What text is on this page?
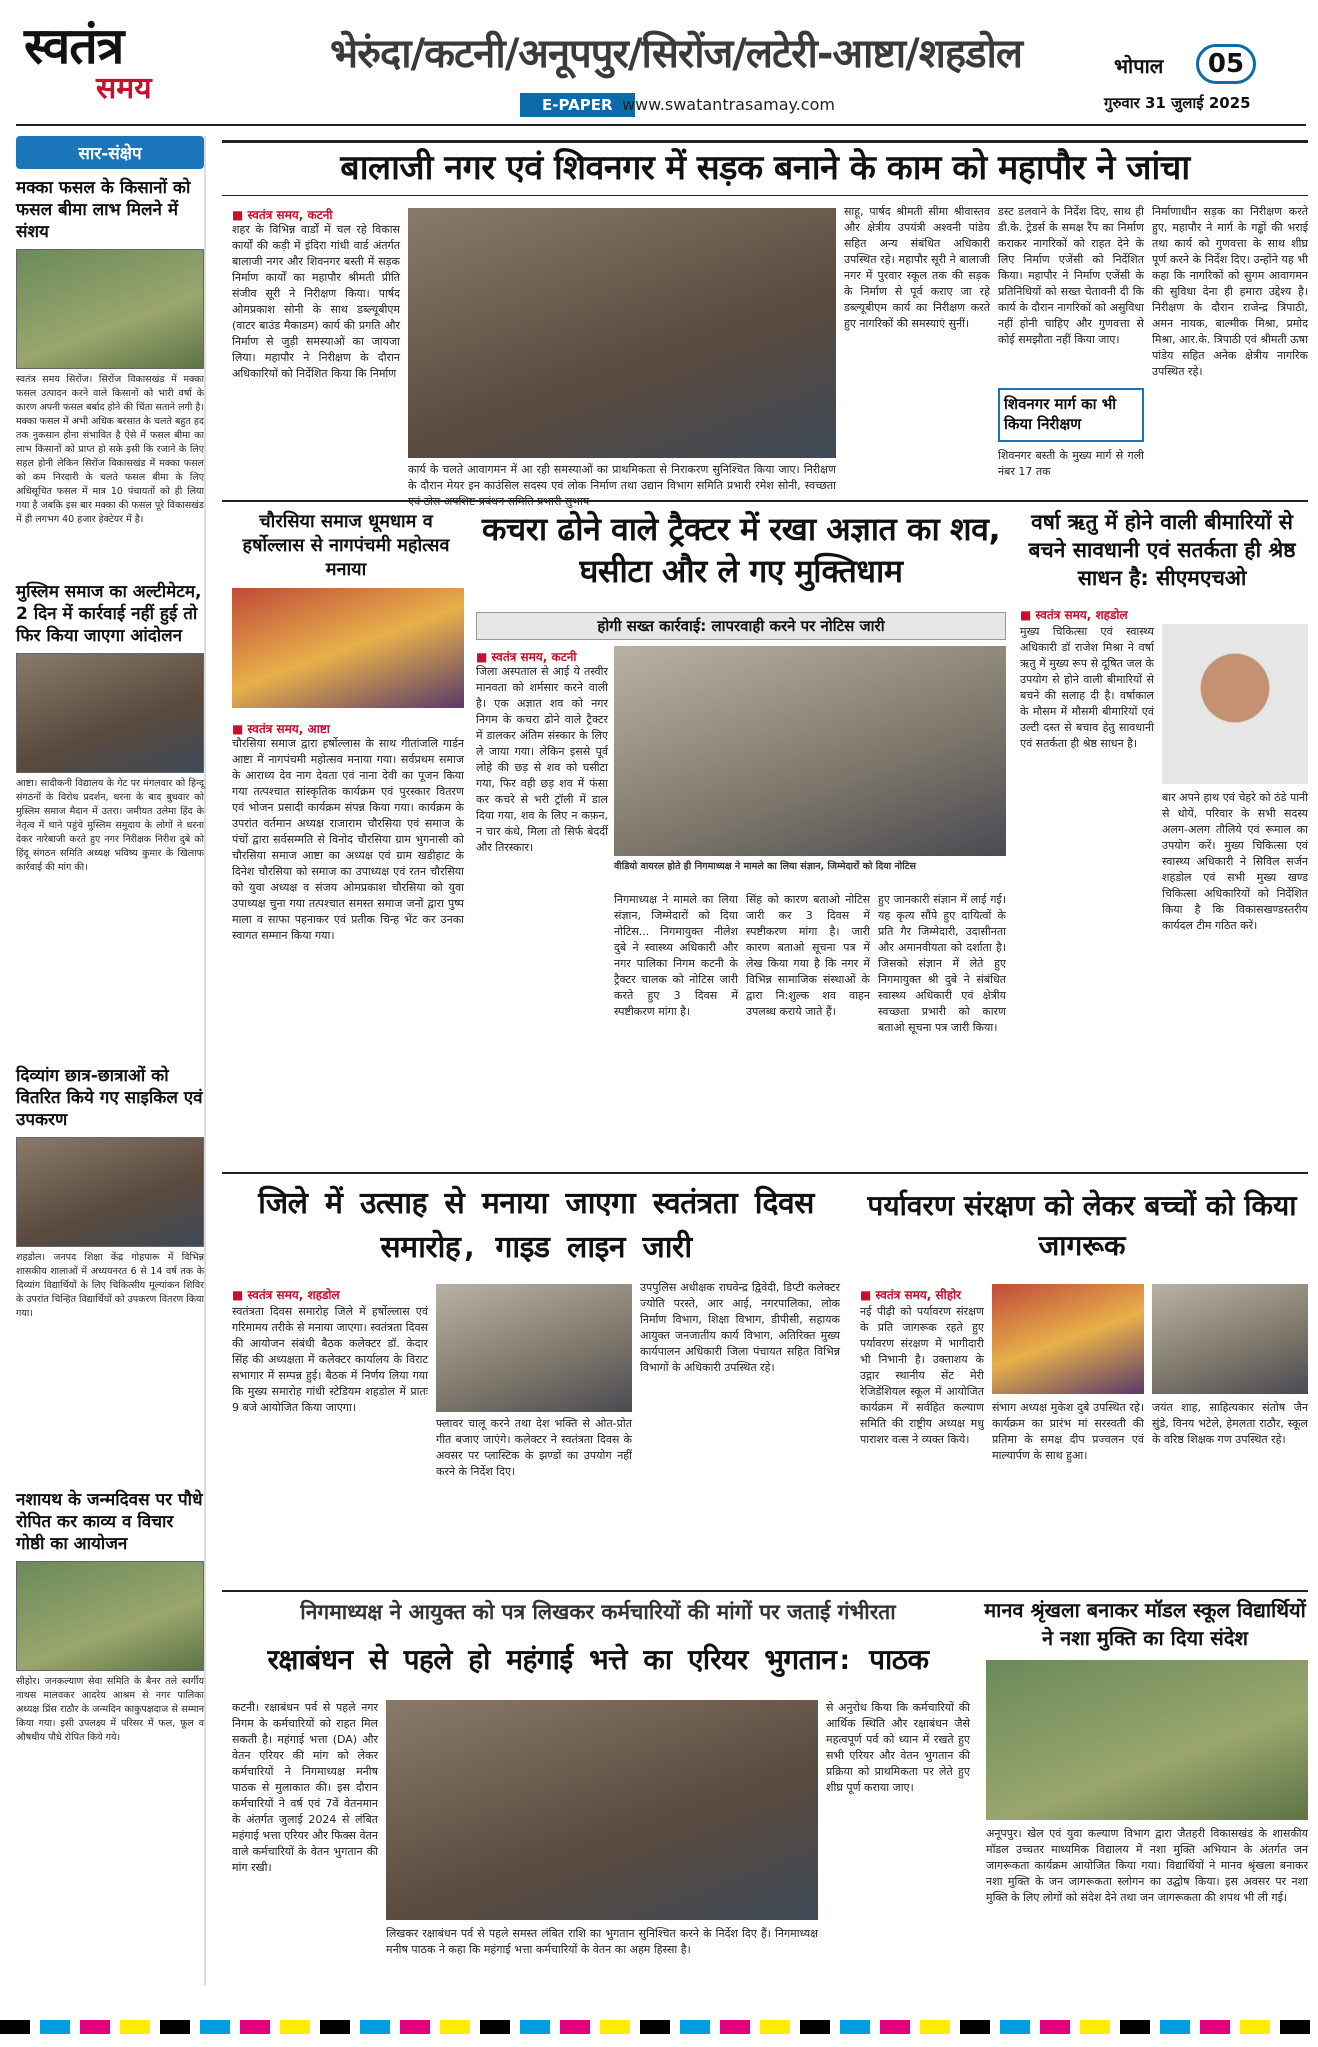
स्वतंत्र
समय
भेरुंदा/कटनी/अनूपपुर/सिरोंज/लटेरी-आष्टा/शहडोल
E-PAPER www.swatantrasamay.com
भोपाल	05
गुरुवार 31 जुलाई 2025
सार-संक्षेप
मक्का फसल के किसानों को फसल बीमा लाभ मिलने में संशय
स्वतंत्र समय सिरोंज। सिरोंज विकासखंड में मक्का फसल उत्पादन करने वाले किसानों को भारी वर्षा के कारण अपनी फसल बर्बाद होने की चिंता सताने लगी है। मक्का फसल में अभी अधिक बरसात के चलते बहुत हद तक नुकसान होना संभावित है ऐसे में फसल बीमा का लाभ किसानों को प्राप्त हो सके इसी कि रजाने के लिए सहल होनी लेकिन सिरोंज विकासखंड में मक्का फसल को कम निरदारी के चलते फसल बीमा के लिए अधिसूचित फसल में मात्र 10 पंचायतों को ही लिया गया है जबकि इस बार मक्का की फसल पूरे विकासखंड में ही लगभग 40 हजार हेक्टेयर में है।
मुस्लिम समाज का अल्टीमेटम, 2 दिन में कार्रवाई नहीं हुई तो फिर किया जाएगा आंदोलन
आष्टा। सादीकनी विद्यालय के गेट पर मंगलवार को हिन्दू संगठनों के विरोध प्रदर्शन, धरना के बाद बुधवार को मुस्लिम समाज मैदान में उतरा। जमीयत उलेमा हिंद के नेतृत्व में थाने पहुंचे मुस्लिम समुदाय के लोगों ने धरना देकर नारेबाजी करते हुए नगर निरीक्षक निरीश दुबे को हिंदू संगठन समिति अध्यक्ष भविष्य कुमार के खिलाफ कार्रवाई की मांग की।
दिव्यांग छात्र-छात्राओं को वितरित किये गए साइकिल एवं उपकरण
शहडोल। जनपद शिक्षा केंद्र गोहपारू में विभिन्न शासकीय शालाओं में अध्ययनरत 6 से 14 वर्ष तक के दिव्यांग विद्यार्थियों के लिए चिकित्सीय मूल्यांकन शिविर के उपरांत चिन्हित विद्यार्थियों को उपकरण वितरण किया गया।
नशायथ के जन्मदिवस पर पौधे रोपित कर काव्य व विचार गोष्ठी का आयोजन
सीहोर। जनकल्याण सेवा समिति के बैनर तले स्वर्गीय नाथस मालवकर आदरेय आश्रम से नगर पालिका अध्यक्ष प्रिंस राठौर के जन्मदिन काकुपक्षदाज से सम्मान किया गया। इसी उपलक्ष्य में परिसर में फल, फूल व औषधीय पौधे रोपित किये गये।
बालाजी नगर एवं शिवनगर में सड़क बनाने के काम को महापौर ने जांचा
■ स्वतंत्र समय, कटनी
शहर के विभिन्न वार्डों में चल रहे विकास कार्यों की कड़ी में इंदिरा गांधी वार्ड अंतर्गत बालाजी नगर और शिवनगर बस्ती में सड़क निर्माण कार्यों का महापौर श्रीमती प्रीति संजीव सूरी ने निरीक्षण किया। पार्षद ओमप्रकाश सोनी के साथ डब्ल्यूबीएम (वाटर बाउंड मैकाडम) कार्य की प्रगति और निर्माण से जुड़ी समस्याओं का जायजा लिया। महापौर ने निरीक्षण के दौरान अधिकारियों को निर्देशित किया कि निर्माण
कार्य के चलते आवागमन में आ रही समस्याओं का प्राथमिकता से निराकरण सुनिश्चित किया जाए। निरीक्षण के दौरान मेयर इन काउंसिल सदस्य एवं लोक निर्माण तथा उद्यान विभाग समिति प्रभारी रमेश सोनी, स्वच्छता
साहू, पार्षद श्रीमती सीमा श्रीवास्तव और क्षेत्रीय उपयंत्री अश्वनी पांडेय सहित अन्य संबंधित अधिकारी उपस्थित रहे। महापौर सूरी ने बालाजी नगर में पुरवार स्कूल तक की सड़क के निर्माण से पूर्व कराए जा रहे डब्ल्यूबीएम कार्य का निरीक्षण करते हुए नागरिकों की समस्याएं सुनीं।
डस्ट डलवाने के निर्देश दिए, साथ ही डी.के. ट्रेडर्स के समक्ष रैंप का निर्माण कराकर नागरिकों को राहत देने के लिए निर्माण एजेंसी को निर्देशित किया। महापौर ने निर्माण एजेंसी के प्रतिनिधियों को सख्त चेतावनी दी कि कार्य के दौरान नागरिकों को असुविधा नहीं होनी चाहिए और गुणवत्ता से कोई समझौता नहीं किया जाए।
शिवनगर मार्ग का भी किया निरीक्षण
शिवनगर बस्ती के मुख्य मार्ग से गली नंबर 17 तक
निर्माणाधीन सड़क का निरीक्षण करते हुए, महापौर ने मार्ग के गड्ढों की भराई तथा कार्य को गुणवत्ता के साथ शीघ्र पूर्ण करने के निर्देश दिए। उन्होंने यह भी कहा कि नागरिकों को सुगम आवागमन की सुविधा देना ही हमारा उद्देश्य है। निरीक्षण के दौरान राजेन्द्र त्रिपाठी, अमन नायक, बाल्मीक मिश्रा, प्रमोद मिश्रा, आर.के. त्रिपाठी एवं श्रीमती ऊषा पांडेय सहित अनेक क्षेत्रीय नागरिक उपस्थित रहे।
चौरसिया समाज धूमधाम व हर्षोल्लास से नागपंचमी महोत्सव मनाया
■ स्वतंत्र समय, आष्टा
चौरसिया समाज द्वारा हर्षोल्लास के साथ गीतांजलि गार्डन आष्टा में नागपंचमी महोत्सव मनाया गया। सर्वप्रथम समाज के आराध्य देव नाग देवता एवं नाना देवी का पूजन किया गया तत्पश्चात सांस्कृतिक कार्यक्रम एवं पुरस्कार वितरण एवं भोजन प्रसादी कार्यक्रम संपन्न किया गया। कार्यक्रम के उपरांत वर्तमान अध्यक्ष राजाराम चौरसिया एवं समाज के पंचों द्वारा सर्वसम्मति से विनोद चौरसिया ग्राम भुगनासी को चौरसिया समाज आष्टा का अध्यक्ष एवं ग्राम खडीहाट के दिनेश चौरसिया को समाज का उपाध्यक्ष एवं रतन चौरसिया को युवा अध्यक्ष व संजय ओमप्रकाश चौरसिया को युवा उपाध्यक्ष चुना गया तत्पश्चात समस्त समाज जनों द्वारा पुष्प माला व साफा पहनाकर एवं प्रतीक चिन्ह भेंट कर उनका स्वागत सम्मान किया गया।
कचरा ढोने वाले ट्रैक्टर में रखा अज्ञात का शव, घसीटा और ले गए मुक्तिधाम
होगी सख्त कार्रवाई: लापरवाही करने पर नोटिस जारी
■ स्वतंत्र समय, कटनी
जिला अस्पताल से आई ये तस्वीर मानवता को शर्मसार करने वाली है। एक अज्ञात शव को नगर निगम के कचरा ढोने वाले ट्रैक्टर में डालकर अंतिम संस्कार के लिए ले जाया गया। लेकिन इससे पूर्व लोहे की छड़ से शव को घसीटा गया, फिर वही छड़ शव में फंसा कर कचरे से भरी ट्रॉली में डाल दिया गया, शव के लिए न कफ़न, न चार कंधे, मिला तो सिर्फ बेदर्दी और तिरस्कार।
वीडियो वायरल होते ही निगमाध्यक्ष ने मामले का लिया संज्ञान, जिम्मेदारों को दिया नोटिस
निगमाध्यक्ष ने मामले का लिया संज्ञान, जिम्मेदारों को दिया नोटिस... निगमायुक्त नीलेश दुबे ने स्वास्थ्य अधिकारी और नगर पालिका निगम कटनी के ट्रैक्टर चालक को नोटिस जारी करते हुए 3 दिवस में स्पष्टीकरण मांगा है।
सिंह को कारण बताओ नोटिस जारी कर 3 दिवस में स्पष्टीकरण मांगा है। जारी कारण बताओ सूचना पत्र में लेख किया गया है कि नगर में विभिन्न सामाजिक संस्थाओं के द्वारा नि:शुल्क शव वाहन उपलब्ध कराये जाते हैं।
हुए जानकारी संज्ञान में लाई गई। यह कृत्य सौंपे हुए दायित्वों के प्रति गैर जिम्मेदारी, उदासीनता और अमानवीयता को दर्शाता है। जिसको संज्ञान में लेते हुए निगमायुक्त श्री दुबे ने संबंधित स्वास्थ्य अधिकारी एवं क्षेत्रीय स्वच्छता प्रभारी को कारण बताओ सूचना पत्र जारी किया।
वर्षा ऋतु में होने वाली बीमारियों से बचने सावधानी एवं सतर्कता ही श्रेष्ठ साधन है: सीएमएचओ
■ स्वतंत्र समय, शहडोल
मुख्य चिकित्सा एवं स्वास्थ्य अधिकारी डॉ राजेश मिश्रा ने वर्षा ऋतु में मुख्य रूप से दूषित जल के उपयोग से होने वाली बीमारियों से बचने की सलाह दी है। वर्षाकाल के मौसम में मौसमी बीमारियों एवं उल्टी दस्त से बचाव हेतु सावधानी एवं सतर्कता ही श्रेष्ठ साधन है।
बार अपने हाथ एवं चेहरे को ठंडे पानी से धोयें, परिवार के सभी सदस्य अलग-अलग तौलिये एवं रूमाल का उपयोग करें। मुख्य चिकित्सा एवं स्वास्थ्य अधिकारी ने सिविल सर्जन शहडोल एवं सभी मुख्य खण्ड चिकित्सा अधिकारियों को निर्देशित किया है कि विकासखण्डस्तरीय कार्यदल टीम गठित करें।
जिले में उत्साह से मनाया जाएगा स्वतंत्रता दिवस समारोह, गाइड लाइन जारी
■ स्वतंत्र समय, शहडोल
स्वतंत्रता दिवस समारोह जिले में हर्षोल्लास एवं गरिमामय तरीके से मनाया जाएगा। स्वतंत्रता दिवस की आयोजन संबंधी बैठक कलेक्टर डॉ. केदार सिंह की अध्यक्षता में कलेक्टर कार्यालय के विराट सभागार में सम्पन्न हुई। बैठक में निर्णय लिया गया कि मुख्य समारोह गांधी स्टेडियम शहडोल में प्रातः 9 बजे आयोजित किया जाएगा।
फ्लावर चालू करने तथा देश भक्ति से ओत-प्रोत गीत बजाए जाएंगे। कलेक्टर ने स्वतंत्रता दिवस के अवसर पर प्लास्टिक के झण्डों का उपयोग नहीं करने के निर्देश दिए।
उपपुलिस अधीक्षक राघवेन्द्र द्विवेदी, डिप्टी कलेक्टर ज्योति परस्ते, आर आई, नगरपालिका, लोक निर्माण विभाग, शिक्षा विभाग, डीपीसी, सहायक आयुक्त जनजातीय कार्य विभाग, अतिरिक्त मुख्य कार्यपालन अधिकारी जिला पंचायत सहित विभिन्न विभागों के अधिकारी उपस्थित रहे।
पर्यावरण संरक्षण को लेकर बच्चों को किया जागरूक
■ स्वतंत्र समय, सीहोर
नई पीढ़ी को पर्यावरण संरक्षण के प्रति जागरूक रहते हुए पर्यावरण संरक्षण में भागीदारी भी निभानी है। उक्ताशय के उद्गार स्थानीय सेंट मेरी रेजिडेंशियल स्कूल में आयोजित कार्यक्रम में सर्वहित कल्याण समिति की राष्ट्रीय अध्यक्ष मधु पाराशर वत्स ने व्यक्त किये।
संभाग अध्यक्ष मुकेश दुबे उपस्थित रहे। कार्यक्रम का प्रारंभ मां सरस्वती की प्रतिमा के समक्ष दीप प्रज्वलन एवं माल्यार्पण के साथ हुआ।
जयंत शाह, साहित्यकार संतोष जैन सुंडे, विनय भटेले, हेमलता राठौर, स्कूल के वरिष्ठ शिक्षक गण उपस्थित रहे।
निगमाध्यक्ष ने आयुक्त को पत्र लिखकर कर्मचारियों की मांगों पर जताई गंभीरता
रक्षाबंधन से पहले हो महंगाई भत्ते का एरियर भुगतान: पाठक
कटनी। रक्षाबंधन पर्व से पहले नगर निगम के कर्मचारियों को राहत मिल सकती है। महंगाई भत्ता (DA) और वेतन एरियर की मांग को लेकर कर्मचारियों ने निगमाध्यक्ष मनीष पाठक से मुलाकात की। इस दौरान कर्मचारियों ने वर्ष एवं 7वें वेतनमान के अंतर्गत जुलाई 2024 से लंबित महंगाई भत्ता एरियर और फिक्स वेतन वाले कर्मचारियों के वेतन भुगतान की मांग रखी।
लिखकर रक्षाबंधन पर्व से पहले समस्त लंबित राशि का भुगतान सुनिश्चित करने के निर्देश दिए हैं। निगमाध्यक्ष मनीष पाठक ने कहा कि महंगाई भत्ता कर्मचारियों के वेतन का अहम हिस्सा है।
से अनुरोध किया कि कर्मचारियों की आर्थिक स्थिति और रक्षाबंधन जैसे महत्वपूर्ण पर्व को ध्यान में रखते हुए सभी एरियर और वेतन भुगतान की प्रक्रिया को प्राथमिकता पर लेते हुए शीघ्र पूर्ण कराया जाए।
मानव श्रृंखला बनाकर मॉडल स्कूल विद्यार्थियों ने नशा मुक्ति का दिया संदेश
अनूपपुर। खेल एवं युवा कल्याण विभाग द्वारा जैतहरी विकासखंड के शासकीय मॉडल उच्चतर माध्यमिक विद्यालय में नशा मुक्ति अभियान के अंतर्गत जन जागरूकता कार्यक्रम आयोजित किया गया। विद्यार्थियों ने मानव श्रृंखला बनाकर नशा मुक्ति के जन जागरूकता स्लोगन का उद्घोष किया। इस अवसर पर नशा मुक्ति के लिए लोगों को संदेश देने तथा जन जागरूकता की शपथ भी ली गई।
